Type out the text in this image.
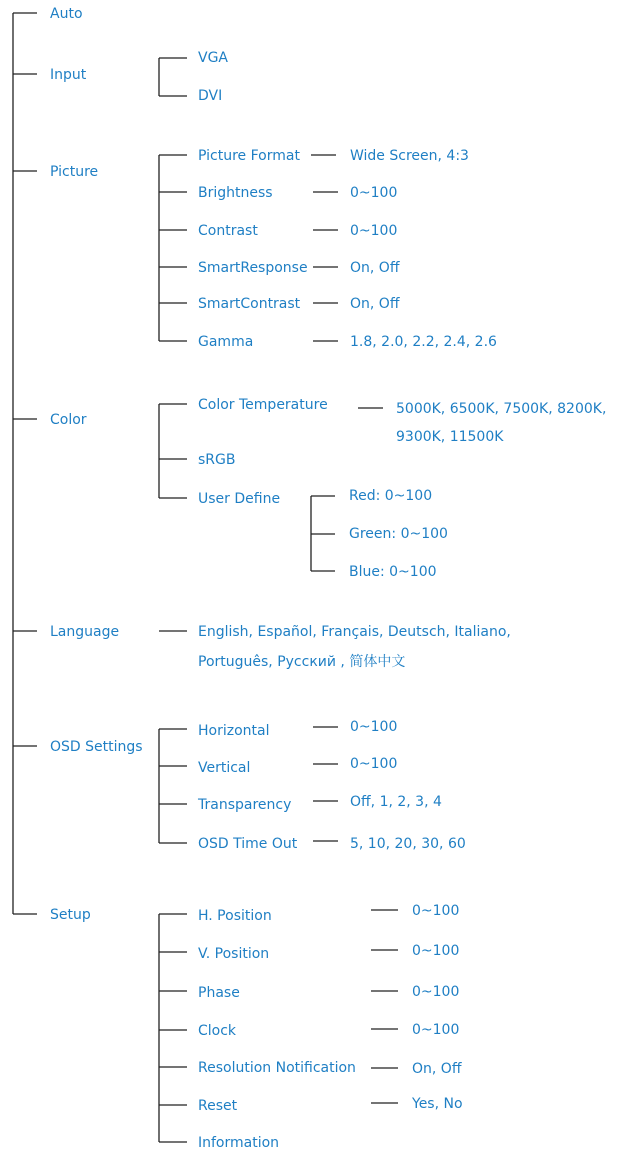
Auto
Input
Picture
Color
Language
OSD Settings
Setup
VGA
DVI
Picture Format
Brightness
Contrast
SmartResponse
SmartContrast
Gamma
Wide Screen, 4:3
0~100
0~100
On, Off
On, Off
1.8, 2.0, 2.2, 2.4, 2.6
Color Temperature
sRGB
User Define
5000K, 6500K, 7500K, 8200K,
9300K, 11500K
Red: 0~100
Green: 0~100
Blue: 0~100
English, Español, Français, Deutsch, Italiano,
Português, Русский , 简体中文
Horizontal
Vertical
Transparency
OSD Time Out
0~100
0~100
Off, 1, 2, 3, 4
5, 10, 20, 30, 60
H. Position
V. Position
Phase
Clock
Resolution Notification
Reset
Information
0~100
0~100
0~100
0~100
On, Off
Yes, No
